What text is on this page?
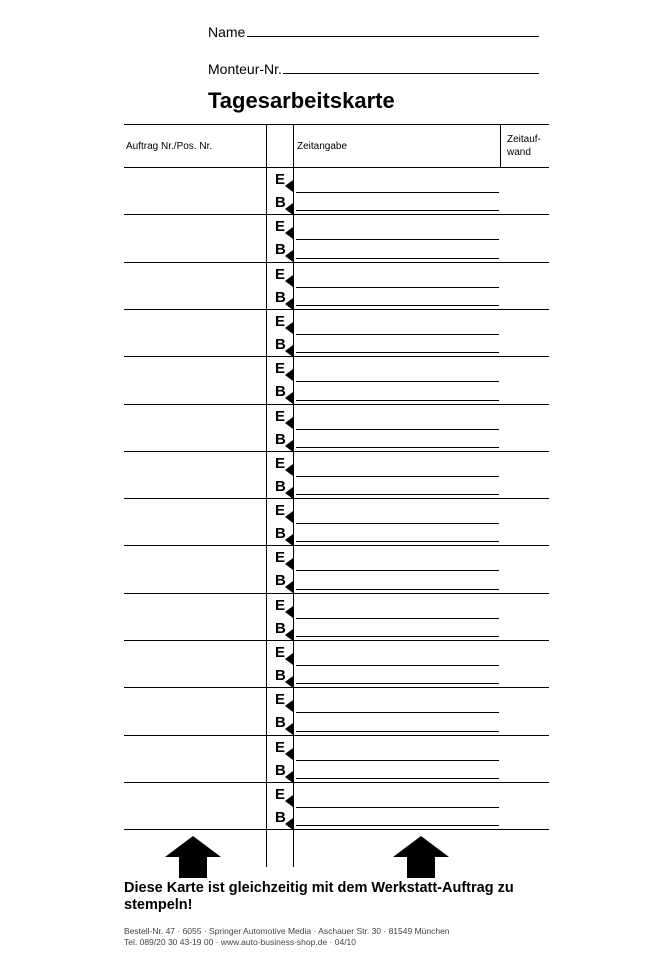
Name
Monteur-Nr.
Tagesarbeitskarte
Auftrag Nr./Pos. Nr.	Zeitangabe
Zeitauf-
wand
E
B
E
B
E
B
E
B
E
B
E
B
E
B
E
B
E
B
E
B
E
B
E
B
E
B
E
B
Diese Karte ist gleichzeitig mit dem Werkstatt-Auftrag zu stempeln!
Bestell-Nr. 47 · 6055 · Springer Automotive Media · Aschauer Str. 30 · 81549 München
Tel. 089/20 30 43-19 00 · www.auto-business-shop.de · 04/10
